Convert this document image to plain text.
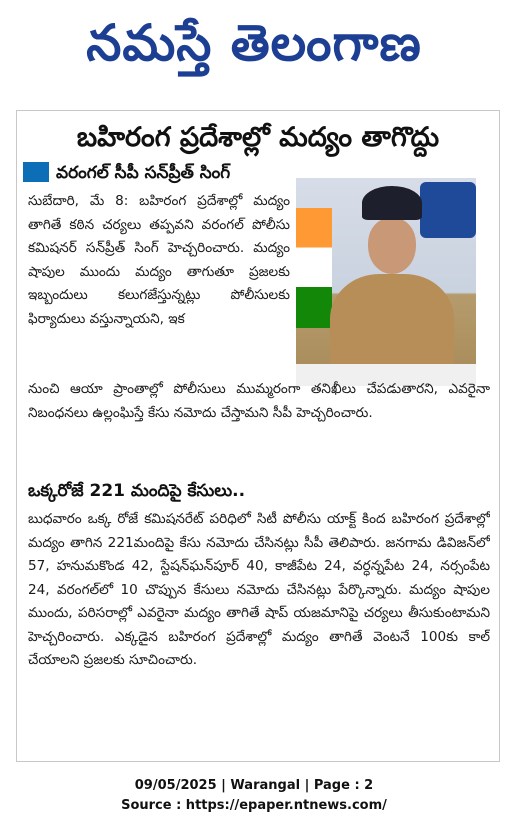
నమస్తే తెలంగాణ
బహిరంగ ప్రదేశాల్లో మద్యం తాగొద్దు
వరంగల్ సీపీ సన్‌ప్రీత్ సింగ్
సుబేదారి, మే 8: బహిరంగ ప్రదేశాల్లో మద్యం తాగితే కఠిన చర్యలు తప్పవని వరంగల్ పోలీసు కమిషనర్ సన్‌ప్రీత్ సింగ్ హెచ్చరించారు. మద్యం షాపుల ముందు మద్యం తాగుతూ ప్రజలకు ఇబ్బందులు కలుగజేస్తున్నట్లు పోలీసులకు ఫిర్యాదులు వస్తున్నాయని, ఇక
నుంచి ఆయా ప్రాంతాల్లో పోలీసులు ముమ్మరంగా తనిఖీలు చేపడుతారని, ఎవరైనా నిబంధనలు ఉల్లంఘిస్తే కేసు నమోదు చేస్తామని సీపీ హెచ్చరించారు.
ఒక్కరోజే 221 మందిపై కేసులు..
బుధవారం ఒక్క రోజే కమిషనరేట్ పరిధిలో సిటీ పోలీసు యాక్ట్ కింద బహిరంగ ప్రదేశాల్లో మద్యం తాగిన 221మందిపై కేసు నమోదు చేసినట్లు సీపీ తెలిపారు. జనగామ డివిజన్‌లో 57, హనుమకొండ 42, స్టేషన్‌ఘన్‌పూర్ 40, కాజీపేట 24, వర్ధన్నపేట 24, నర్సంపేట 24, వరంగల్‌లో 10 చొప్పున కేసులు నమోదు చేసినట్లు పేర్కొన్నారు. మద్యం షాపుల ముందు, పరిసరాల్లో ఎవరైనా మద్యం తాగితే షాప్ యజమానిపై చర్యలు తీసుకుంటామని హెచ్చరించారు. ఎక్కడైన బహిరంగ ప్రదేశాల్లో మద్యం తాగితే వెంటనే 100కు కాల్ చేయాలని ప్రజలకు సూచించారు.
09/05/2025 | Warangal | Page : 2
Source : https://epaper.ntnews.com/
